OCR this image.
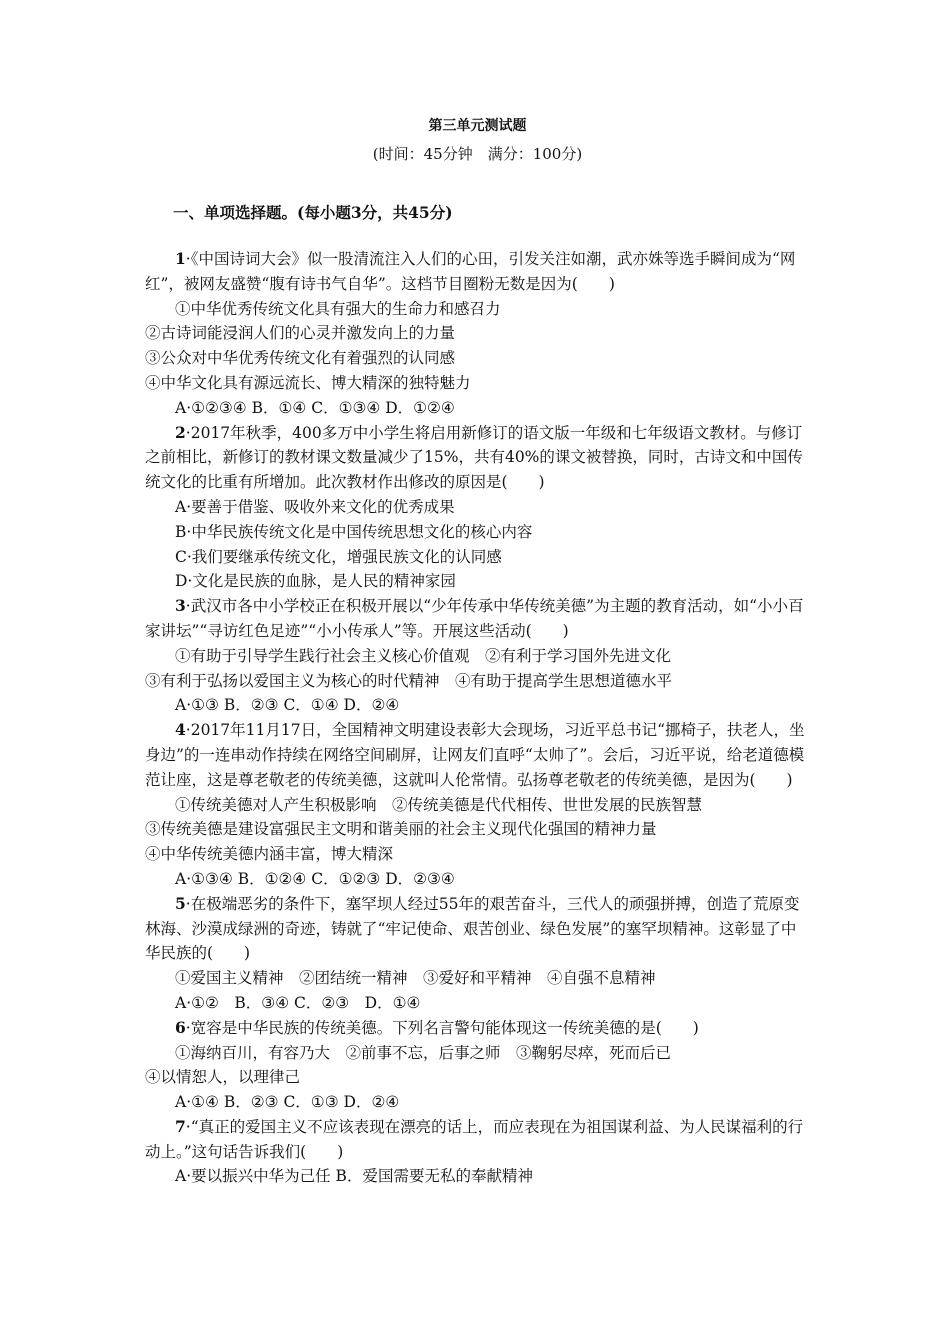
第三单元测试题
(时间：45分钟　满分：100分)
一、单项选择题。(每小题3分，共45分)
1·《中国诗词大会》似一股清流注入人们的心田，引发关注如潮，武亦姝等选手瞬间成为“网红”，被网友盛赞“腹有诗书气自华”。这档节目圈粉无数是因为(　　)
①中华优秀传统文化具有强大的生命力和感召力
②古诗词能浸润人们的心灵并激发向上的力量
③公众对中华优秀传统文化有着强烈的认同感
④中华文化具有源远流长、博大精深的独特魅力
A·①②③④ B．①④ C．①③④ D．①②④
2·2017年秋季，400多万中小学生将启用新修订的语文版一年级和七年级语文教材。与修订之前相比，新修订的教材课文数量减少了15%，共有40%的课文被替换，同时，古诗文和中国传统文化的比重有所增加。此次教材作出修改的原因是(　　)
A·要善于借鉴、吸收外来文化的优秀成果
B·中华民族传统文化是中国传统思想文化的核心内容
C·我们要继承传统文化，增强民族文化的认同感
D·文化是民族的血脉，是人民的精神家园
3·武汉市各中小学校正在积极开展以“少年传承中华传统美德”为主题的教育活动，如“小小百家讲坛”“寻访红色足迹”“小小传承人”等。开展这些活动(　　)
①有助于引导学生践行社会主义核心价值观　②有利于学习国外先进文化
③有利于弘扬以爱国主义为核心的时代精神　④有助于提高学生思想道德水平
A·①③ B．②③ C．①④ D．②④
4·2017年11月17日，全国精神文明建设表彰大会现场，习近平总书记“挪椅子，扶老人，坐身边”的一连串动作持续在网络空间刷屏，让网友们直呼“太帅了”。会后，习近平说，给老道德模范让座，这是尊老敬老的传统美德，这就叫人伦常情。弘扬尊老敬老的传统美德，是因为(　　)
①传统美德对人产生积极影响　②传统美德是代代相传、世世发展的民族智慧
③传统美德是建设富强民主文明和谐美丽的社会主义现代化强国的精神力量
④中华传统美德内涵丰富，博大精深
A·①③④ B．①②④ C．①②③ D．②③④
5·在极端恶劣的条件下，塞罕坝人经过55年的艰苦奋斗，三代人的顽强拼搏，创造了荒原变林海、沙漠成绿洲的奇迹，铸就了“牢记使命、艰苦创业、绿色发展”的塞罕坝精神。这彰显了中华民族的(　　)
①爱国主义精神　②团结统一精神　③爱好和平精神　④自强不息精神
A·①②　B．③④ C．②③　D．①④
6·宽容是中华民族的传统美德。下列名言警句能体现这一传统美德的是(　　)
①海纳百川，有容乃大　②前事不忘，后事之师　③鞠躬尽瘁，死而后已
④以情恕人，以理律己
A·①④ B．②③ C．①③ D．②④
7·“真正的爱国主义不应该表现在漂亮的话上，而应表现在为祖国谋利益、为人民谋福利的行动上。”这句话告诉我们(　　)
A·要以振兴中华为己任 B．爱国需要无私的奉献精神
